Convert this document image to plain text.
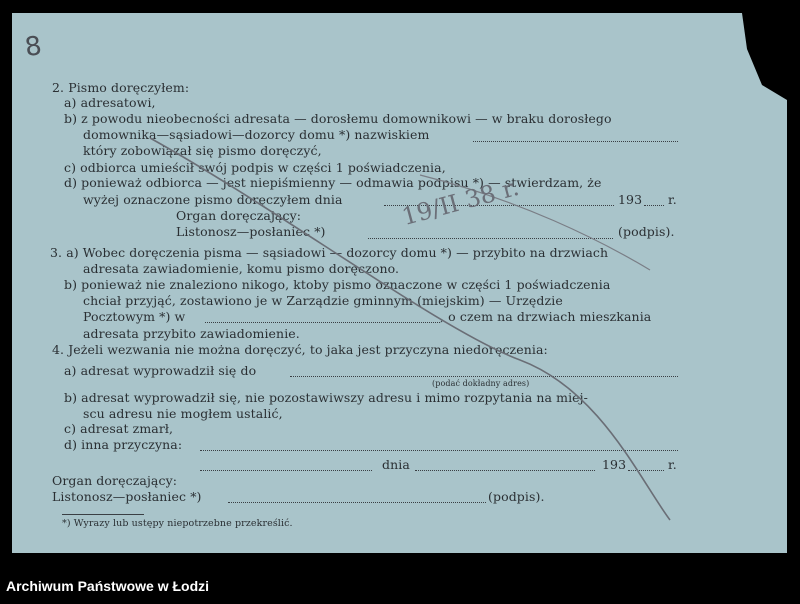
8
2. Pismo doręczyłem:
a) adresatowi,
b) z powodu nieobecności adresata — dorosłemu domownikowi — w braku dorosłego
domownika—sąsiadowi—dozorcy domu *) nazwiskiem
który zobowiązał się pismo doręczyć,
c) odbiorca umieścił swój podpis w części 1 poświadczenia,
d) ponieważ odbiorca — jest niepiśmienny — odmawia podpisu *) — stwierdzam, że
wyżej oznaczone pismo doręczyłem dnia	193 r.
Organ doręczający:
Listonosz—posłaniec *)	(podpis).
3. a) Wobec doręczenia pisma — sąsiadowi — dozorcy domu *) — przybito na drzwiach
adresata zawiadomienie, komu pismo doręczono.
b) ponieważ nie znaleziono nikogo, ktoby pismo oznaczone w części 1 poświadczenia
chciał przyjąć, zostawiono je w Zarządzie gminnym (miejskim) — Urzędzie
Pocztowym *) w	, o czem na drzwiach mieszkania
adresata przybito zawiadomienie.
4. Jeżeli wezwania nie można doręczyć, to jaka jest przyczyna niedoręczenia:
a) adresat wyprowadził się do
(podać dokładny adres)
b) adresat wyprowadził się, nie pozostawiwszy adresu i mimo rozpytania na miej-
scu adresu nie mogłem ustalić,
c) adresat zmarł,
d) inna przyczyna:
dnia	193	r.
Organ doręczający:
Listonosz—posłaniec *)	(podpis).
*) Wyrazy lub ustępy niepotrzebne przekreślić.
19/II 38 r.
Archiwum Państwowe w Łodzi
